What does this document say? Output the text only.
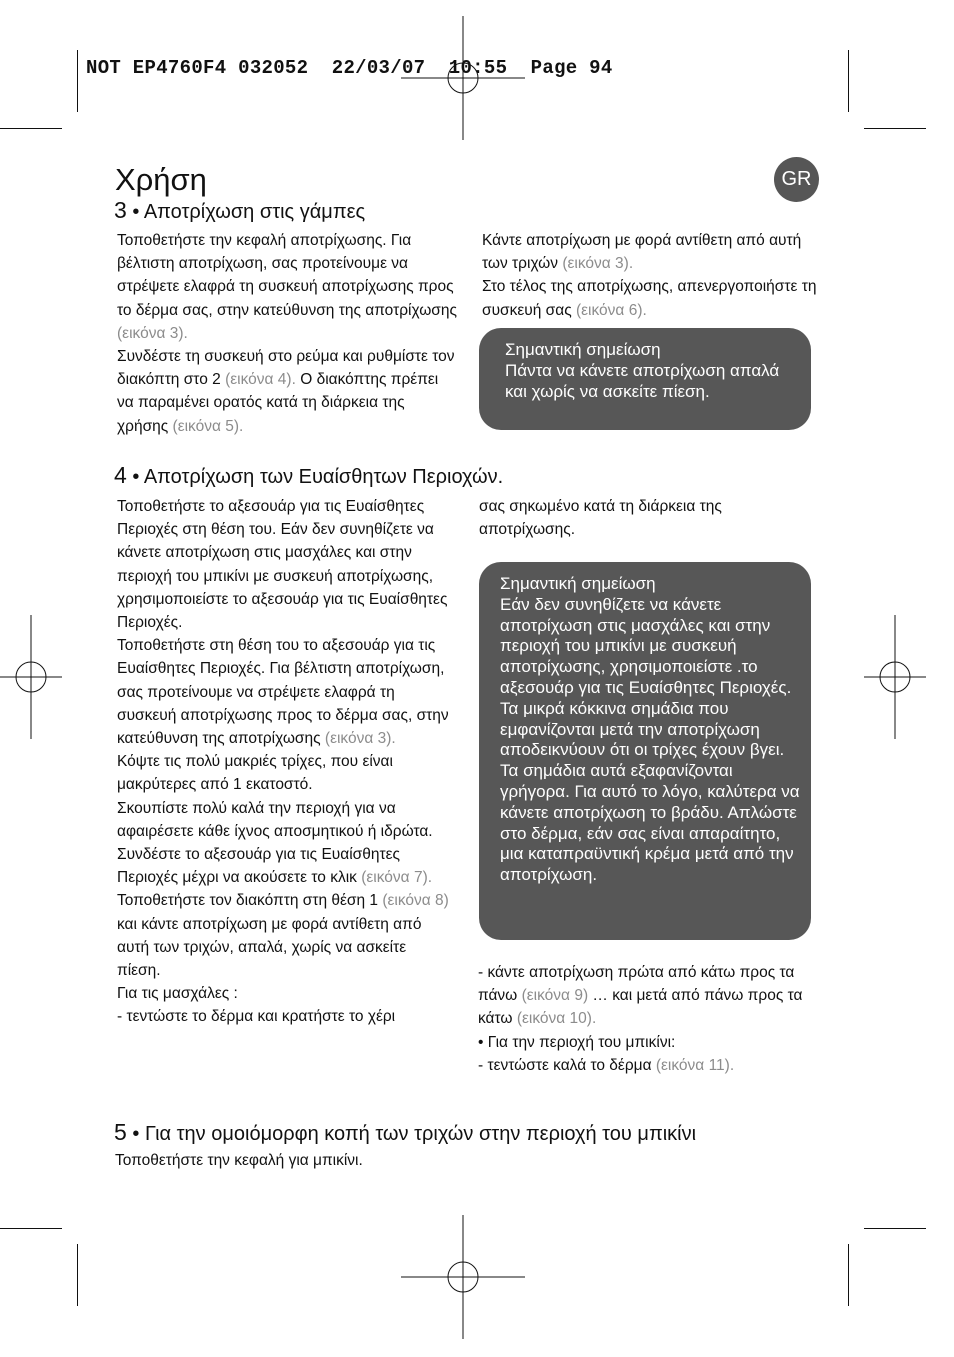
NOT EP4760F4 032052  22/03/07  10:55  Page 94
Χρήση	GR
3 • Αποτρίχωση στις γάμπες

Τοποθετήστε την κεφαλή αποτρίχωσης. Για βέλτιστη αποτρίχωση, σας προτείνουμε να στρέψετε ελαφρά τη συσκευή αποτρίχωσης προς το δέρμα σας, στην κατεύθυνση της αποτρίχωσης (εικόνα 3).

Συνδέστε τη συσκευή στο ρεύμα και ρυθμίστε τον διακόπτη στο 2 (εικόνα 4). Ο διακόπτης πρέπει να παραμένει ορατός κατά τη διάρκεια της χρήσης (εικόνα 5).

Κάντε αποτρίχωση με φορά αντίθετη από αυτή των τριχών (εικόνα 3).

Στο τέλος της αποτρίχωσης, απενεργοποιήστε τη συσκευή σας (εικόνα 6).

Σημαντική σημείωση

Πάντα να κάνετε αποτρίχωση απαλά και χωρίς να ασκείτε πίεση.

4 • Αποτρίχωση των Ευαίσθητων Περιοχών.

Τοποθετήστε το αξεσουάρ για τις Ευαίσθητες Περιοχές στη θέση του. Εάν δεν συνηθίζετε να κάνετε αποτρίχωση στις μασχάλες και στην περιοχή του μπικίνι με συσκευή αποτρίχωσης, χρησιμοποιείστε το αξεσουάρ για τις Ευαίσθητες Περιοχές.

Τοποθετήστε στη θέση του το αξεσουάρ για τις Ευαίσθητες Περιοχές. Για βέλτιστη αποτρίχωση, σας προτείνουμε να στρέψετε ελαφρά τη συσκευή αποτρίχωσης προς το δέρμα σας, στην κατεύθυνση της αποτρίχωσης (εικόνα 3).

Κόψτε τις πολύ μακριές τρίχες, που είναι μακρύτερες από 1 εκατοστό.

Σκουπίστε πολύ καλά την περιοχή για να αφαιρέσετε κάθε ίχνος αποσμητικού ή ιδρώτα.

Συνδέστε το αξεσουάρ για τις Ευαίσθητες Περιοχές μέχρι να ακούσετε το κλικ (εικόνα 7).

Τοποθετήστε τον διακόπτη στη θέση 1 (εικόνα 8) και κάντε αποτρίχωση με φορά αντίθετη από αυτή των τριχών, απαλά, χωρίς να ασκείτε πίεση.

Για τις μασχάλες :

- τεντώστε το δέρμα και κρατήστε το χέρι

σας σηκωμένο κατά τη διάρκεια της αποτρίχωσης.

Σημαντική σημείωση

Εάν δεν συνηθίζετε να κάνετε αποτρίχωση στις μασχάλες και στην περιοχή του μπικίνι με συσκευή αποτρίχωσης, χρησιμοποιείστε .το αξεσουάρ για τις Ευαίσθητες Περιοχές.

Τα μικρά κόκκινα σημάδια που εμφανίζονται μετά την αποτρίχωση αποδεικνύουν ότι οι τρίχες έχουν βγει. Τα σημάδια αυτά εξαφανίζονται γρήγορα. Για αυτό το λόγο, καλύτερα να κάνετε αποτρίχωση το βράδυ. Απλώστε στο δέρμα, εάν σας είναι απαραίτητο, μια καταπραϋντική κρέμα μετά από την αποτρίχωση.

- κάντε αποτρίχωση πρώτα από κάτω προς τα πάνω (εικόνα 9) … και μετά από πάνω προς τα κάτω (εικόνα 10).

• Για την περιοχή του μπικίνι:

- τεντώστε καλά το δέρμα (εικόνα 11).

5 • Για την ομοιόμορφη κοπή των τριχών στην περιοχή του μπικίνι
Τοποθετήστε την κεφαλή για μπικίνι.
